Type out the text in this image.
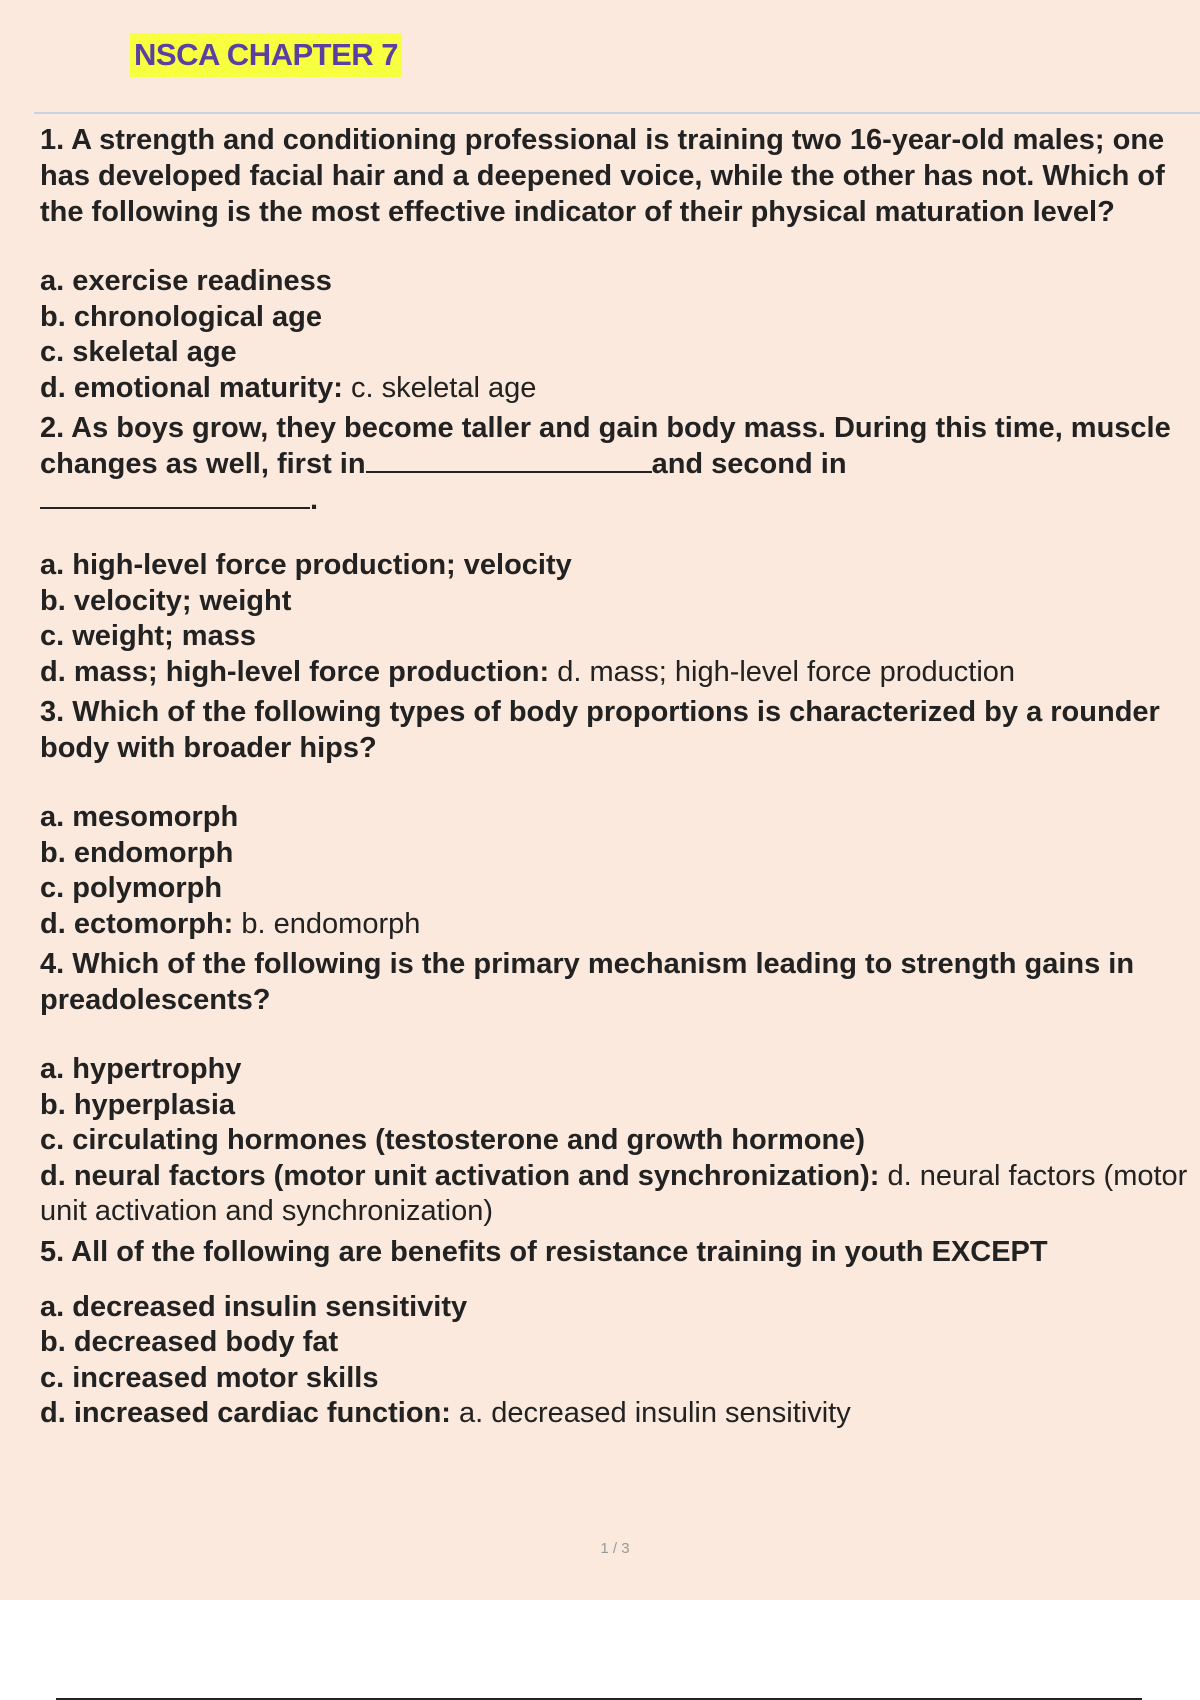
NSCA CHAPTER 7

1. A strength and conditioning professional is training two 16-year-old males; one has developed facial hair and a deepened voice, while the other has not. Which of the following is the most effective indicator of their physical maturation level?

a. exercise readiness

b. chronological age

c. skeletal age

d. emotional maturity: c. skeletal age

2. As boys grow, they become taller and gain body mass. During this time, muscle changes as well, first in	and second in

.

a. high-level force production; velocity

b. velocity; weight

c. weight; mass

d. mass; high-level force production: d. mass; high-level force production

3. Which of the following types of body proportions is characterized by a rounder body with broader hips?

a. mesomorph

b. endomorph

c. polymorph

d. ectomorph: b. endomorph

4. Which of the following is the primary mechanism leading to strength gains in preadolescents?

a. hypertrophy

b. hyperplasia

c. circulating hormones (testosterone and growth hormone)

d. neural factors (motor unit activation and synchronization): d. neural factors (motor unit activation and synchronization)

5. All of the following are benefits of resistance training in youth EXCEPT

a. decreased insulin sensitivity

b. decreased body fat

c. increased motor skills

d. increased cardiac function: a. decreased insulin sensitivity

1 / 3
